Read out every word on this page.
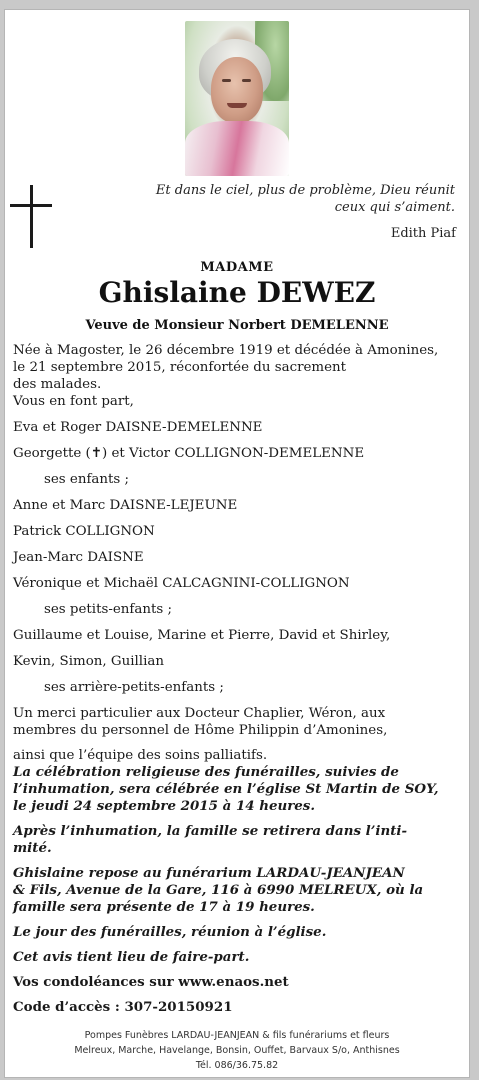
Et dans le ciel, plus de problème, Dieu réunit ceux qui s’aiment.
Edith Piaf
MADAME
Ghislaine DEWEZ
Veuve de Monsieur Norbert DEMELENNE

Née à Magoster, le 26 décembre 1919 et décédée à Amonines,

le 21 septembre 2015, réconfortée du sacrement

des malades.

Vous en font part,

Eva et Roger DAISNE-DEMELENNE

Georgette (✝) et Victor COLLIGNON-DEMELENNE

ses enfants ;

Anne et Marc DAISNE-LEJEUNE

Patrick COLLIGNON

Jean-Marc DAISNE

Véronique et Michaël CALCAGNINI-COLLIGNON

ses petits-enfants ;

Guillaume et Louise, Marine et Pierre, David et Shirley,

Kevin, Simon, Guillian

ses arrière-petits-enfants ;

Un merci particulier aux Docteur Chaplier, Wéron, aux

membres du personnel de Hôme Philippin d’Amonines,

ainsi que l’équipe des soins palliatifs.

La célébration religieuse des funérailles, suivies de

l’inhumation, sera célébrée en l’église St Martin de SOY,

le jeudi 24 septembre 2015 à 14 heures.

Après l’inhumation, la famille se retirera dans l’inti-

mité.

Ghislaine repose au funérarium LARDAU-JEANJEAN

& Fils, Avenue de la Gare, 116 à 6990 MELREUX, où la

famille sera présente de 17 à 19 heures.

Le jour des funérailles, réunion à l’église.

Cet avis tient lieu de faire-part.

Vos condoléances sur www.enaos.net

Code d’accès : 307-20150921

Pompes Funèbres LARDAU-JEANJEAN & fils funérariums et fleurs
Melreux, Marche, Havelange, Bonsin, Ouffet, Barvaux S/o, Anthisnes
Tél. 086/36.75.82
